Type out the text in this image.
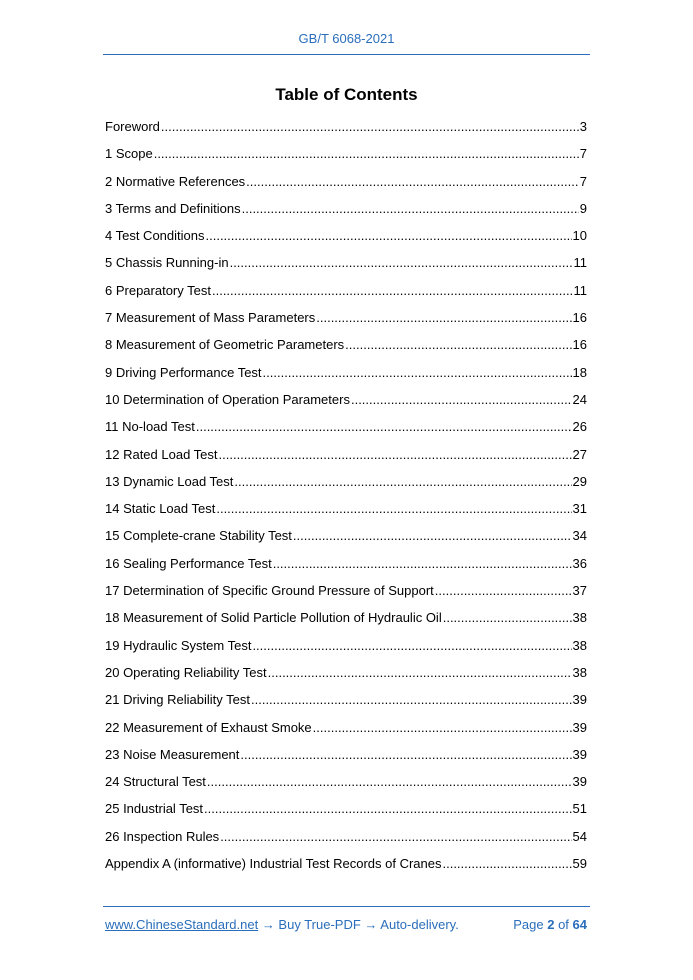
GB/T 6068-2021
Table of Contents
Foreword .....	3
1 Scope .....	7
2 Normative References .....	7
3 Terms and Definitions .....	9
4 Test Conditions .....	10
5 Chassis Running-in .....	11
6 Preparatory Test .....	11
7 Measurement of Mass Parameters .....	16
8 Measurement of Geometric Parameters .....	16
9 Driving Performance Test .....	18
10 Determination of Operation Parameters .....	24
11 No-load Test .....	26
12 Rated Load Test .....	27
13 Dynamic Load Test .....	29
14 Static Load Test .....	31
15 Complete-crane Stability Test .....	34
16 Sealing Performance Test .....	36
17 Determination of Specific Ground Pressure of Support .....	37
18 Measurement of Solid Particle Pollution of Hydraulic Oil .....	38
19 Hydraulic System Test .....	38
20 Operating Reliability Test .....	38
21 Driving Reliability Test .....	39
22 Measurement of Exhaust Smoke .....	39
23 Noise Measurement .....	39
24 Structural Test .....	39
25 Industrial Test .....	51
26 Inspection Rules .....	54
Appendix A (informative) Industrial Test Records of Cranes .....	59
www.ChineseStandard.net → Buy True-PDF → Auto-delivery.	Page 2 of 64
